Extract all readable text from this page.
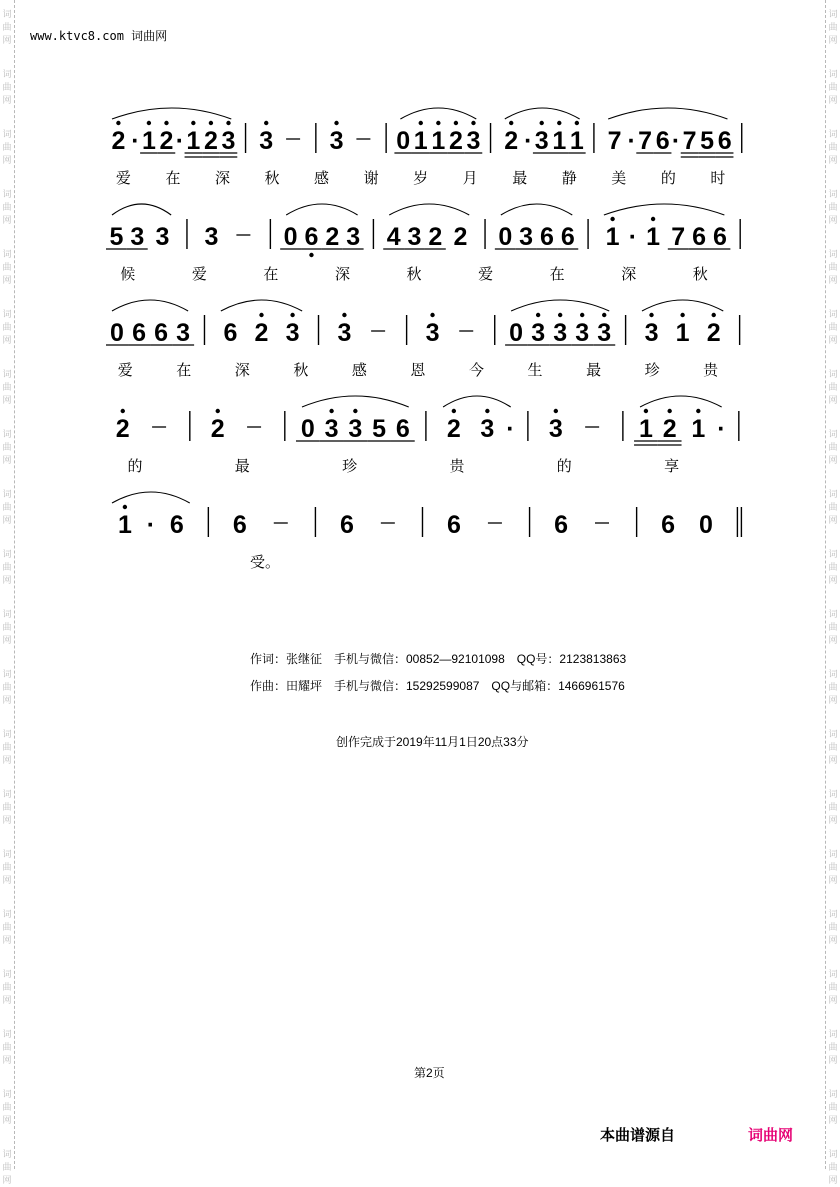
词
曲
网
词
曲
网
词
曲
网
词
曲
网
词
曲
网
词
曲
网
词
曲
网
词
曲
网
词
曲
网
词
曲
网
词
曲
网
词
曲
网
词
曲
网
词
曲
网
词
曲
网
词
曲
网
词
曲
网
词
曲
网
词
曲
网
词
曲
网
词
曲
网
词
曲
网
词
曲
网
词
曲
网
词
曲
网
词
曲
网
词
曲
网
词
曲
网
词
曲
网
词
曲
网
词
曲
网
词
曲
网
词
曲
网
词
曲
网
词
曲
网
词
曲
网
词
曲
网
词
曲
网
词
曲
网
词
曲
网
www.ktvc8.com 词曲网
2 · 1 2 · 1 2 3 3 3 0 1 1 2 3 2 · 3 1 1 7 · 7 6 · 7 5 6
爱 在 深 秋 感 谢 岁 月 最 静 美 的 时
5 3 3 3	0 6 2 3 4 3 2 2 0 3 6 6 1 · 1 7 6 6
候	爱	在	深	秋	爱	在	深	秋
0 6 6 3 6 2 3 3	3	0 3 3 3 3 3 1 2
爱	在	深	秋	感	恩	今	生	最	珍	贵
2	2	0 3 3 5 6 2 3 · 3	1 2 1 ·
的	最	珍	贵	的	享
1 · 6 6	6	6	6	6 0
受。
作词：张继征　手机与微信：00852—92101098　QQ号：2123813863
作曲：田耀坪　手机与微信：15292599087　QQ与邮箱：1466961576
创作完成于2019年11月1日20点33分
第2页
本曲谱源自	词曲网
